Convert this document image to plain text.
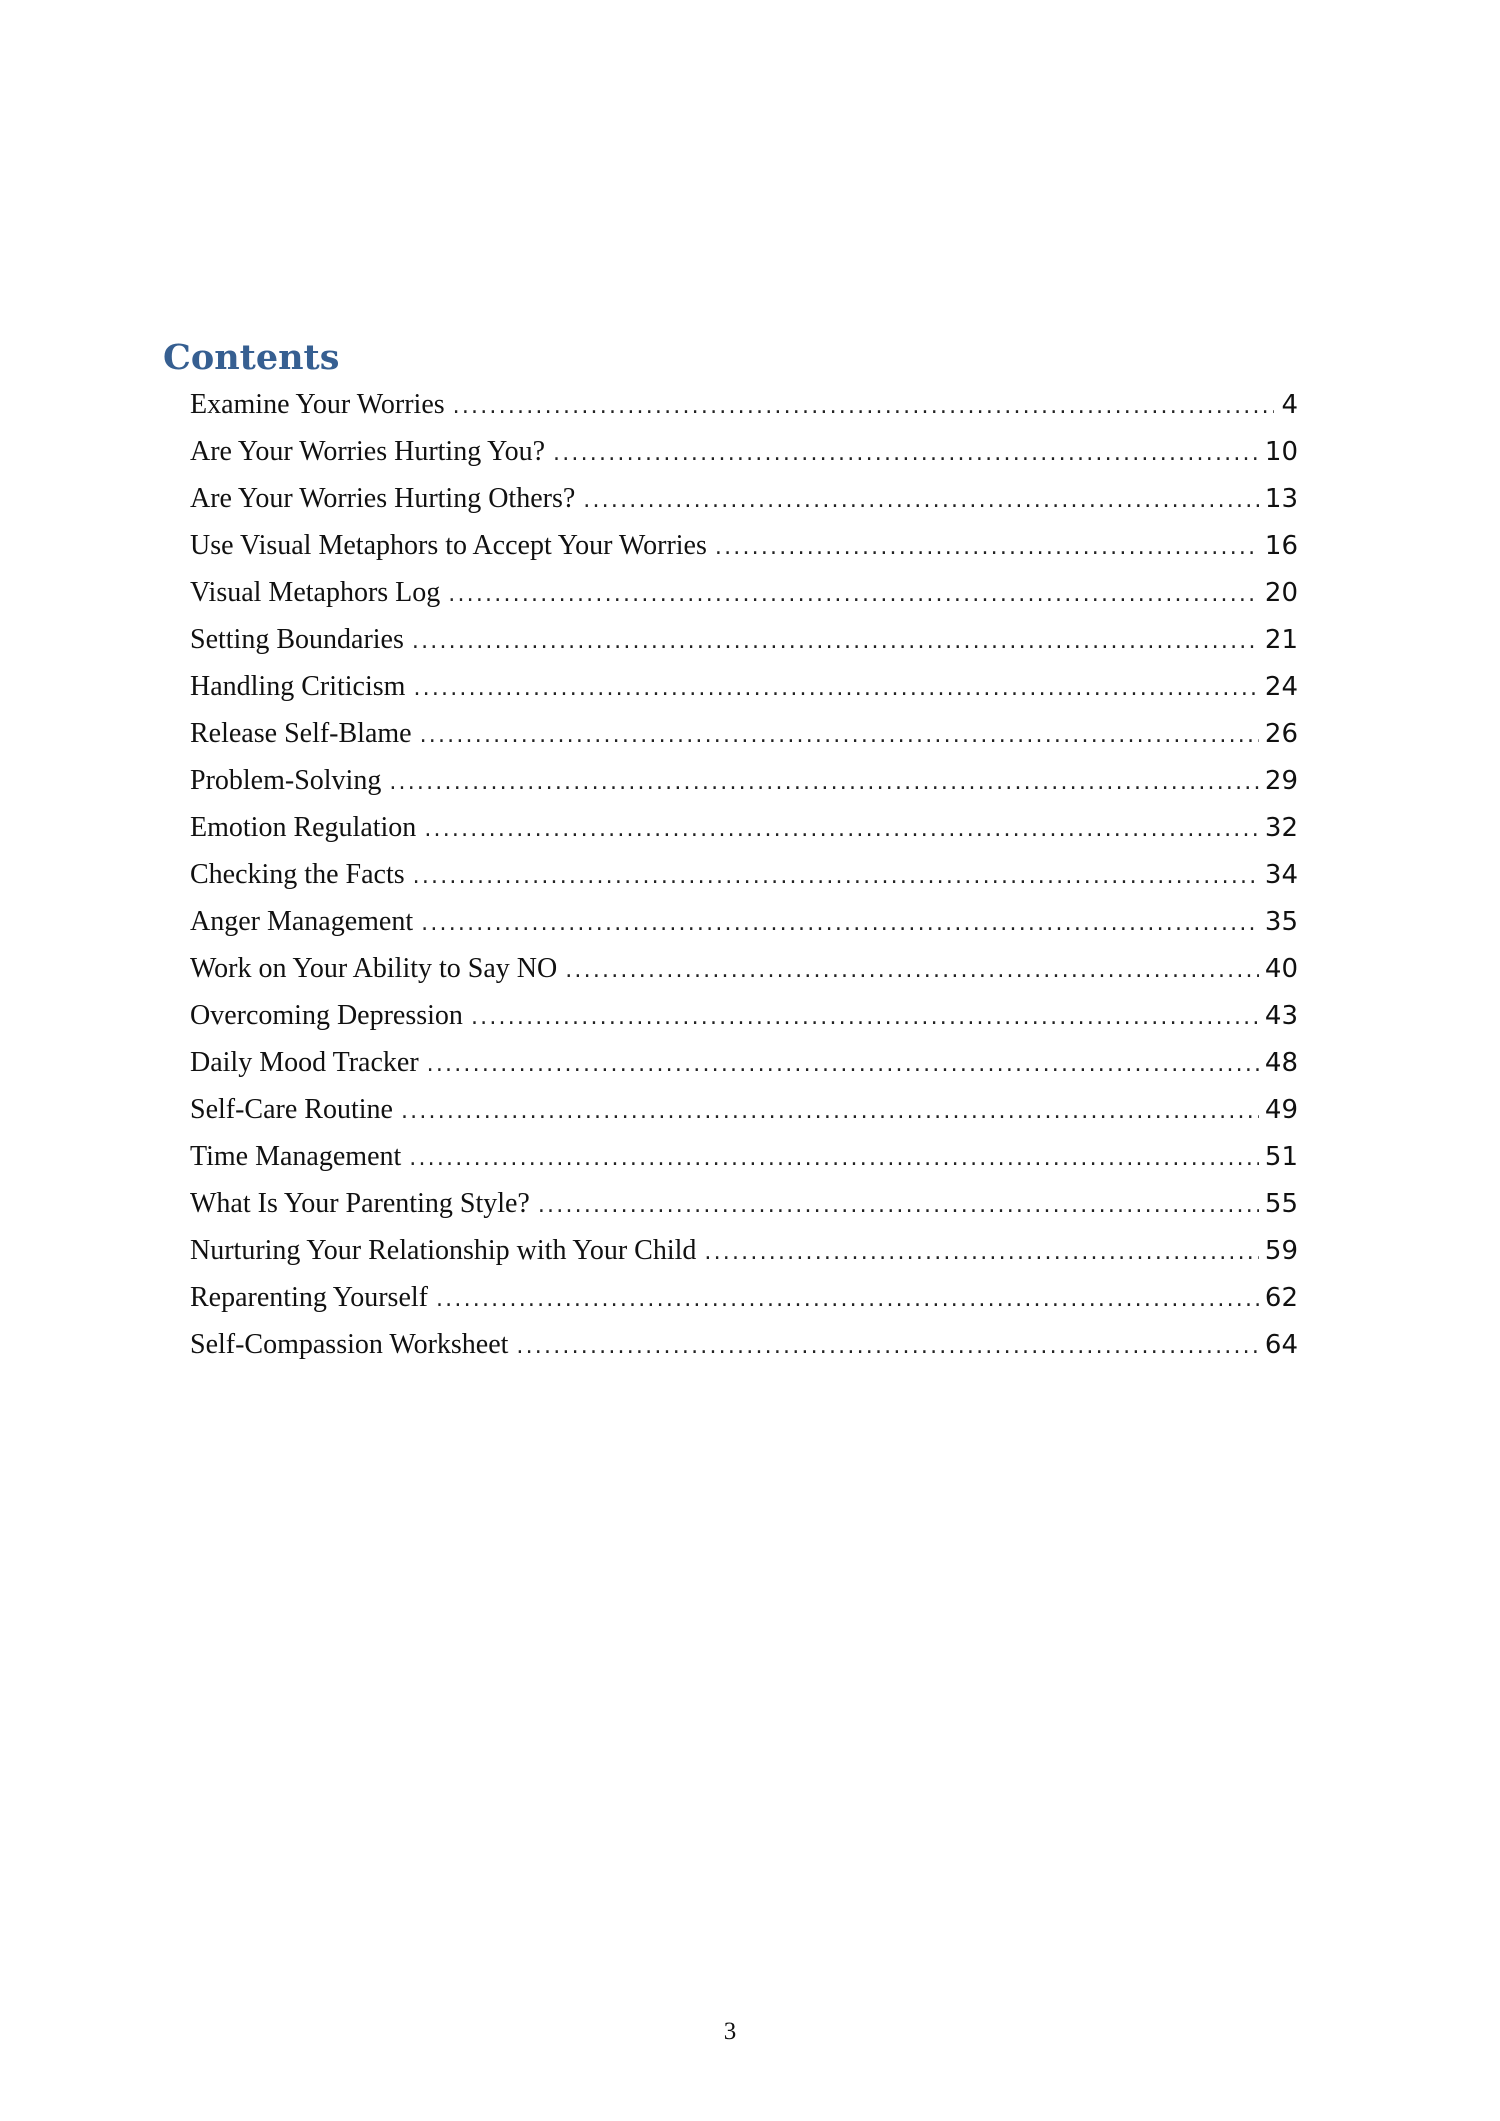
Contents
Examine Your Worries .....	4
Are Your Worries Hurting You? .....	10
Are Your Worries Hurting Others? .....	13
Use Visual Metaphors to Accept Your Worries .....	16
Visual Metaphors Log .....	20
Setting Boundaries .....	21
Handling Criticism .....	24
Release Self-Blame .....	26
Problem-Solving .....	29
Emotion Regulation .....	32
Checking the Facts .....	34
Anger Management .....	35
Work on Your Ability to Say NO .....	40
Overcoming Depression .....	43
Daily Mood Tracker .....	48
Self-Care Routine .....	49
Time Management .....	51
What Is Your Parenting Style? .....	55
Nurturing Your Relationship with Your Child .....	59
Reparenting Yourself .....	62
Self-Compassion Worksheet .....	64

3
